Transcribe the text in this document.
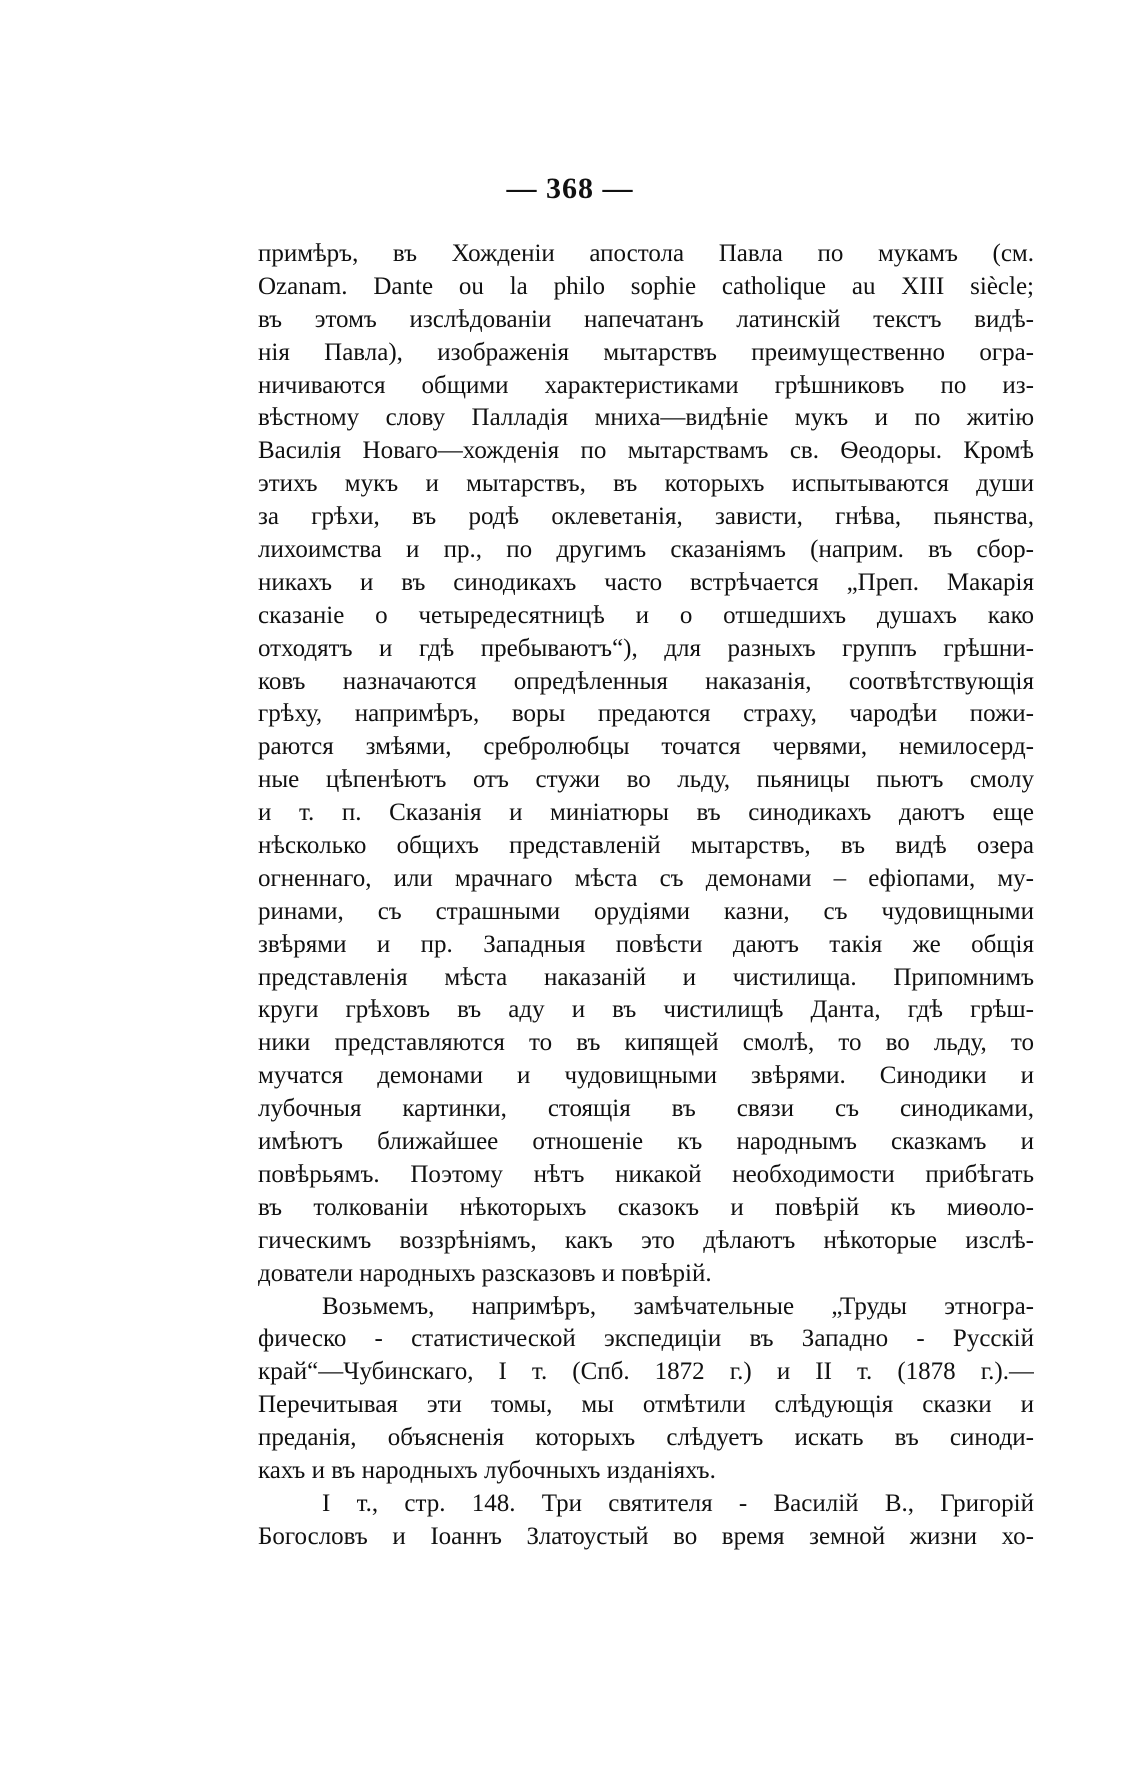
— 368 —
примѣръ, въ Хожденіи апостола Павла по мукамъ (см.
Ozanam. Dante ou la philo sophie catholique au XIII siècle;
въ этомъ изслѣдованіи напечатанъ латинскій текстъ видѣ-
нія Павла), изображенія мытарствъ преимущественно огра-
ничиваются общими характеристиками грѣшниковъ по из-
вѣстному слову Палладія мниха—видѣніе мукъ и по житію
Василія Новаго—хожденія по мытарствамъ св. Ѳеодоры. Кромѣ
этихъ мукъ и мытарствъ, въ которыхъ испытываются души
за грѣхи, въ родѣ оклеветанія, зависти, гнѣва, пьянства,
лихоимства и пр., по другимъ сказаніямъ (наприм. въ сбор-
никахъ и въ синодикахъ часто встрѣчается „Преп. Макарія
сказаніе о четыредесятницѣ и о отшедшихъ душахъ како
отходятъ и гдѣ пребываютъ“), для разныхъ группъ грѣшни-
ковъ назначаются опредѣленныя наказанія, соотвѣтствующія
грѣху, напримѣръ, воры предаются страху, чародѣи пожи-
раются змѣями, сребролюбцы точатся червями, немилосерд-
ные цѣпенѣютъ отъ стужи во льду, пьяницы пьютъ смолу
и т. п. Сказанія и миніатюры въ синодикахъ даютъ еще
нѣсколько общихъ представленій мытарствъ, въ видѣ озера
огненнаго, или мрачнаго мѣста съ демонами – ефіопами, му-
ринами, съ страшными орудіями казни, съ чудовищными
звѣрями и пр. Западныя повѣсти даютъ такія же общія
представленія мѣста наказаній и чистилища. Припомнимъ
круги грѣховъ въ аду и въ чистилищѣ Данта, гдѣ грѣш-
ники представляются то въ кипящей смолѣ, то во льду, то
мучатся демонами и чудовищными звѣрями. Синодики и
лубочныя картинки, стоящія въ связи съ синодиками,
имѣютъ ближайшее отношеніе къ народнымъ сказкамъ и
повѣрьямъ. Поэтому нѣтъ никакой необходимости прибѣгать
въ толкованіи нѣкоторыхъ сказокъ и повѣрій къ миѳоло-
гическимъ воззрѣніямъ, какъ это дѣлаютъ нѣкоторые изслѣ-
дователи народныхъ разсказовъ и повѣрій.
Возьмемъ, напримѣръ, замѣчательные „Труды этногра-
фическо - статистической экспедиціи въ Западно - Русскій
край“—Чубинскаго, I т. (Спб. 1872 г.) и II т. (1878 г.).—
Перечитывая эти томы, мы отмѣтили слѣдующія сказки и
преданія, объясненія которыхъ слѣдуетъ искать въ синоди-
кахъ и въ народныхъ лубочныхъ изданіяхъ.
I т., стр. 148. Три святителя - Василій В., Григорій
Богословъ и Іоаннъ Златоустый во время земной жизни хо-
